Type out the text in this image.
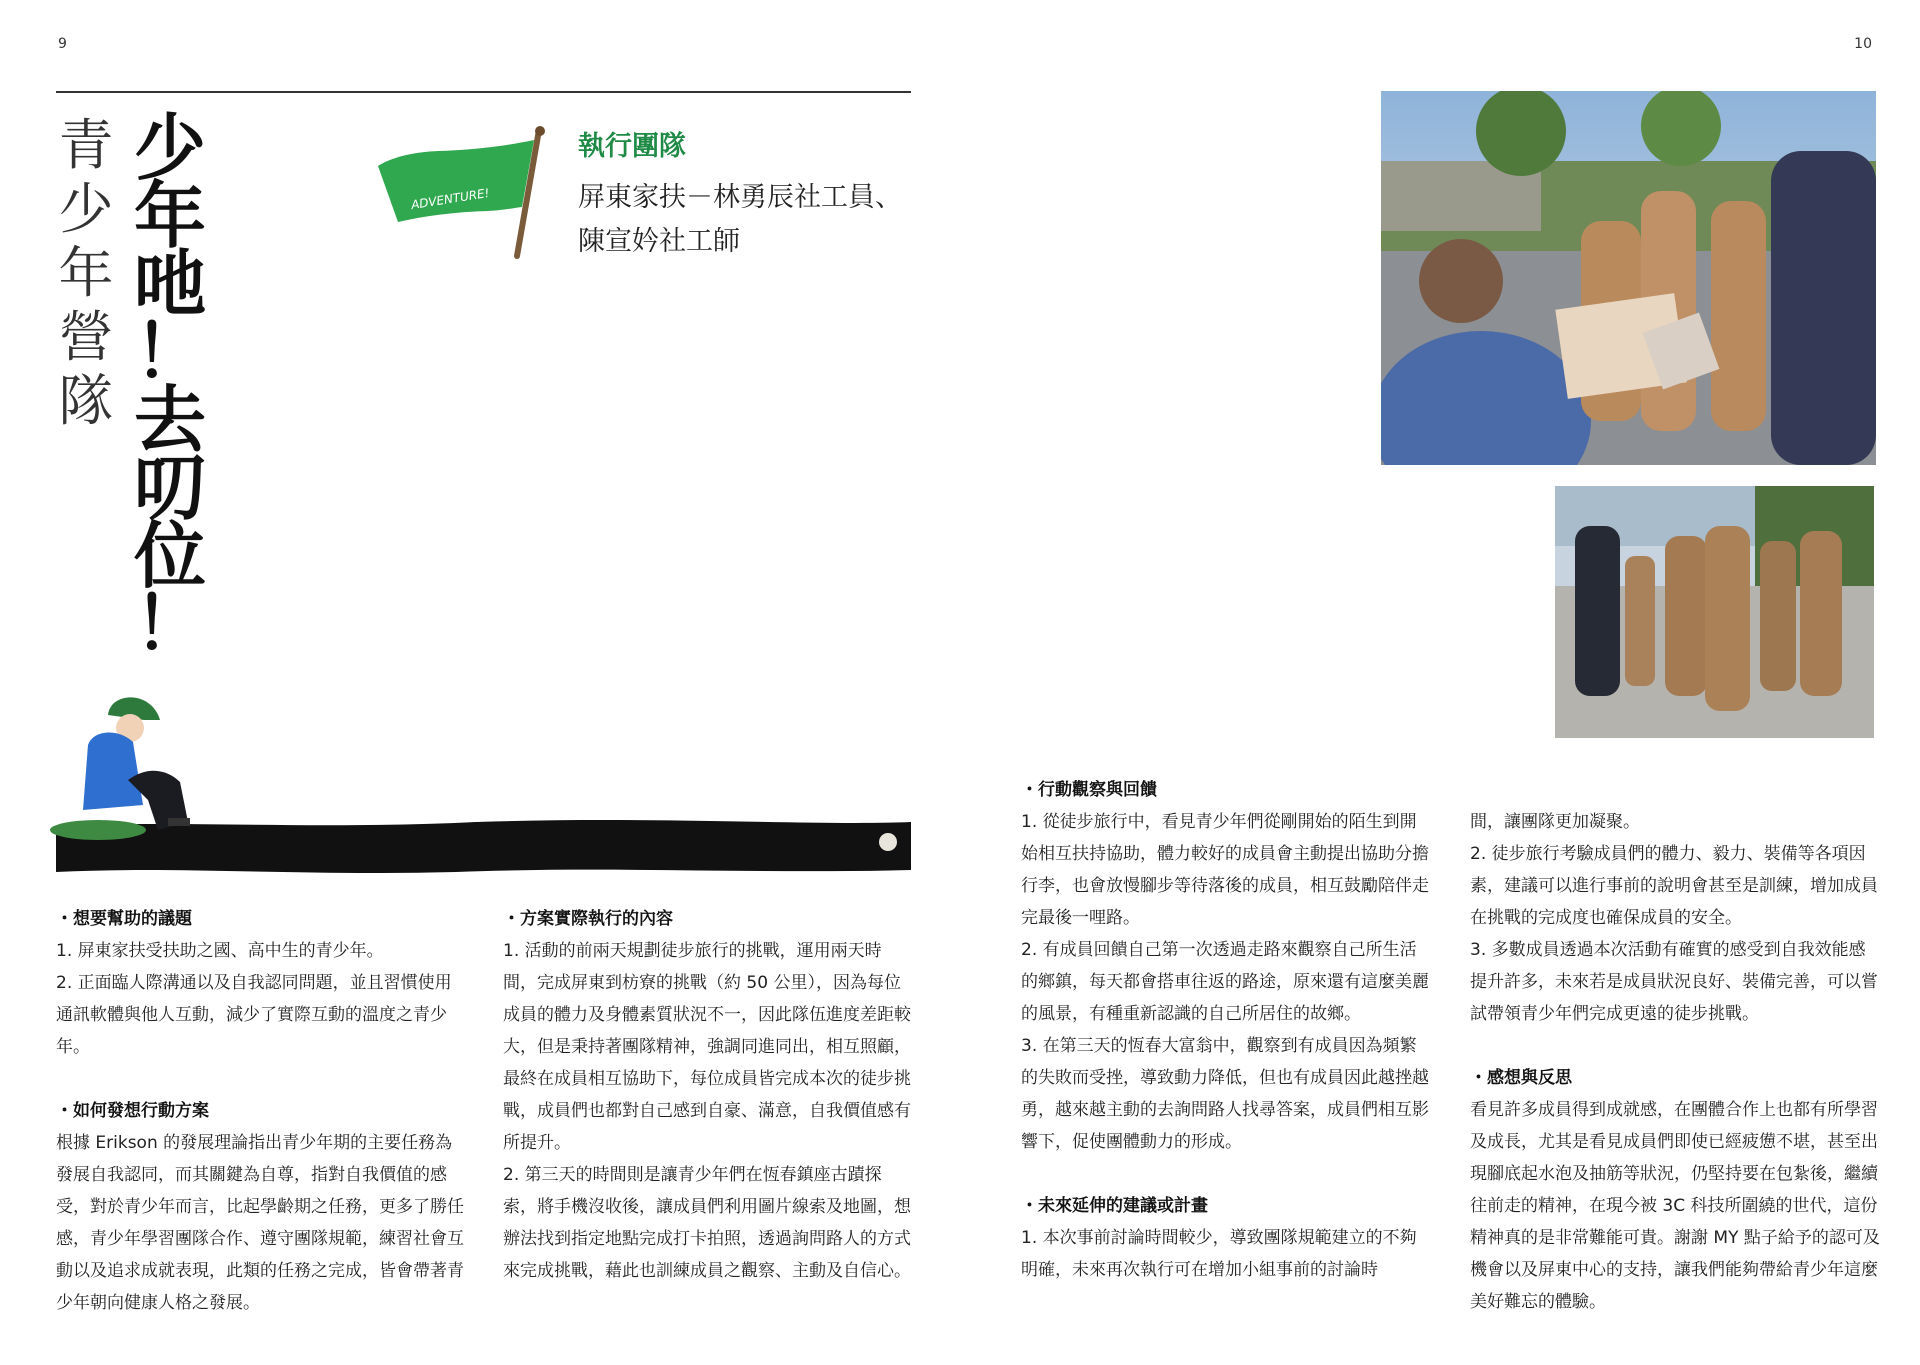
9	10
青
少
年
營
隊
少
年
吔
！
去
叨
位
！
ADVENTURE!
執行團隊
屏東家扶－林勇辰社工員、
陳宣妗社工師
・想要幫助的議題

1. 屏東家扶受扶助之國、高中生的青少年。

2. 正面臨人際溝通以及自我認同問題，並且習慣使用通訊軟體與他人互動，減少了實際互動的溫度之青少年。

・如何發想行動方案

根據 Erikson 的發展理論指出青少年期的主要任務為發展自我認同，而其關鍵為自尊，指對自我價值的感受，對於青少年而言，比起學齡期之任務，更多了勝任感，青少年學習團隊合作、遵守團隊規範，練習社會互動以及追求成就表現，此類的任務之完成，皆會帶著青少年朝向健康人格之發展。

・方案實際執行的內容

1. 活動的前兩天規劃徒步旅行的挑戰，運用兩天時間，完成屏東到枋寮的挑戰（約 50 公里），因為每位成員的體力及身體素質狀況不一，因此隊伍進度差距較大，但是秉持著團隊精神，強調同進同出，相互照顧，最終在成員相互協助下，每位成員皆完成本次的徒步挑戰，成員們也都對自己感到自豪、滿意，自我價值感有所提升。

2. 第三天的時間則是讓青少年們在恆春鎮座古蹟探索，將手機沒收後，讓成員們利用圖片線索及地圖，想辦法找到指定地點完成打卡拍照，透過詢問路人的方式來完成挑戰，藉此也訓練成員之觀察、主動及自信心。

・行動觀察與回饋

1. 從徒步旅行中，看見青少年們從剛開始的陌生到開始相互扶持協助，體力較好的成員會主動提出協助分擔行李，也會放慢腳步等待落後的成員，相互鼓勵陪伴走完最後一哩路。

2. 有成員回饋自己第一次透過走路來觀察自己所生活的鄉鎮，每天都會搭車往返的路途，原來還有這麼美麗的風景，有種重新認識的自己所居住的故鄉。

3. 在第三天的恆春大富翁中，觀察到有成員因為頻繁的失敗而受挫，導致動力降低，但也有成員因此越挫越勇，越來越主動的去詢問路人找尋答案，成員們相互影響下，促使團體動力的形成。

・未來延伸的建議或計畫

1. 本次事前討論時間較少，導致團隊規範建立的不夠明確，未來再次執行可在增加小組事前的討論時

間，讓團隊更加凝聚。

2. 徒步旅行考驗成員們的體力、毅力、裝備等各項因素，建議可以進行事前的說明會甚至是訓練，增加成員在挑戰的完成度也確保成員的安全。

3. 多數成員透過本次活動有確實的感受到自我效能感提升許多，未來若是成員狀況良好、裝備完善，可以嘗試帶領青少年們完成更遠的徒步挑戰。

・感想與反思

看見許多成員得到成就感，在團體合作上也都有所學習及成長，尤其是看見成員們即使已經疲憊不堪，甚至出現腳底起水泡及抽筋等狀況，仍堅持要在包紮後，繼續往前走的精神，在現今被 3C 科技所圍繞的世代，這份精神真的是非常難能可貴。謝謝 MY 點子給予的認可及機會以及屏東中心的支持，讓我們能夠帶給青少年這麼美好難忘的體驗。
